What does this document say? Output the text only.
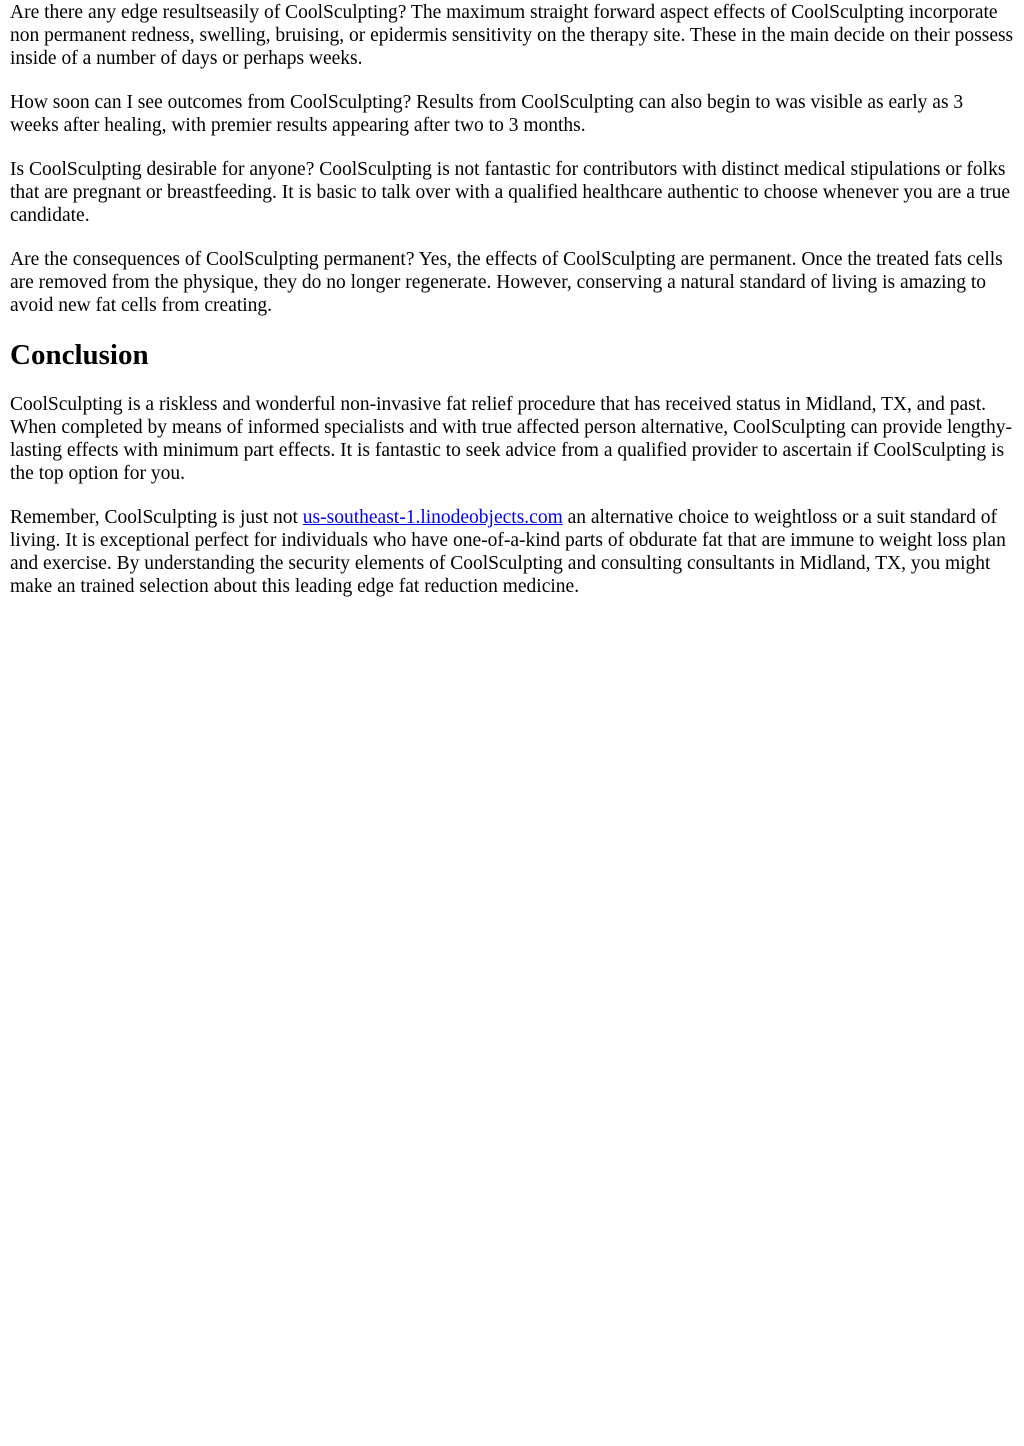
Are there any edge resultseasily of CoolSculpting? The maximum straight forward aspect effects of CoolSculpting incorporate non permanent redness, swelling, bruising, or epidermis sensitivity on the therapy site. These in the main decide on their possess inside of a number of days or perhaps weeks.

How soon can I see outcomes from CoolSculpting? Results from CoolSculpting can also begin to was visible as early as 3 weeks after healing, with premier results appearing after two to 3 months.

Is CoolSculpting desirable for anyone? CoolSculpting is not fantastic for contributors with distinct medical stipulations or folks that are pregnant or breastfeeding. It is basic to talk over with a qualified healthcare authentic to choose whenever you are a true candidate.

Are the consequences of CoolSculpting permanent? Yes, the effects of CoolSculpting are permanent. Once the treated fats cells are removed from the physique, they do no longer regenerate. However, conserving a natural standard of living is amazing to avoid new fat cells from creating.

Conclusion

CoolSculpting is a riskless and wonderful non-invasive fat relief procedure that has received status in Midland, TX, and past. When completed by means of informed specialists and with true affected person alternative, CoolSculpting can provide lengthy-lasting effects with minimum part effects. It is fantastic to seek advice from a qualified provider to ascertain if CoolSculpting is the top option for you.

Remember, CoolSculpting is just not us-southeast-1.linodeobjects.com an alternative choice to weightloss or a suit standard of living. It is exceptional perfect for individuals who have one-of-a-kind parts of obdurate fat that are immune to weight loss plan and exercise. By understanding the security elements of CoolSculpting and consulting consultants in Midland, TX, you might make an trained selection about this leading edge fat reduction medicine.
